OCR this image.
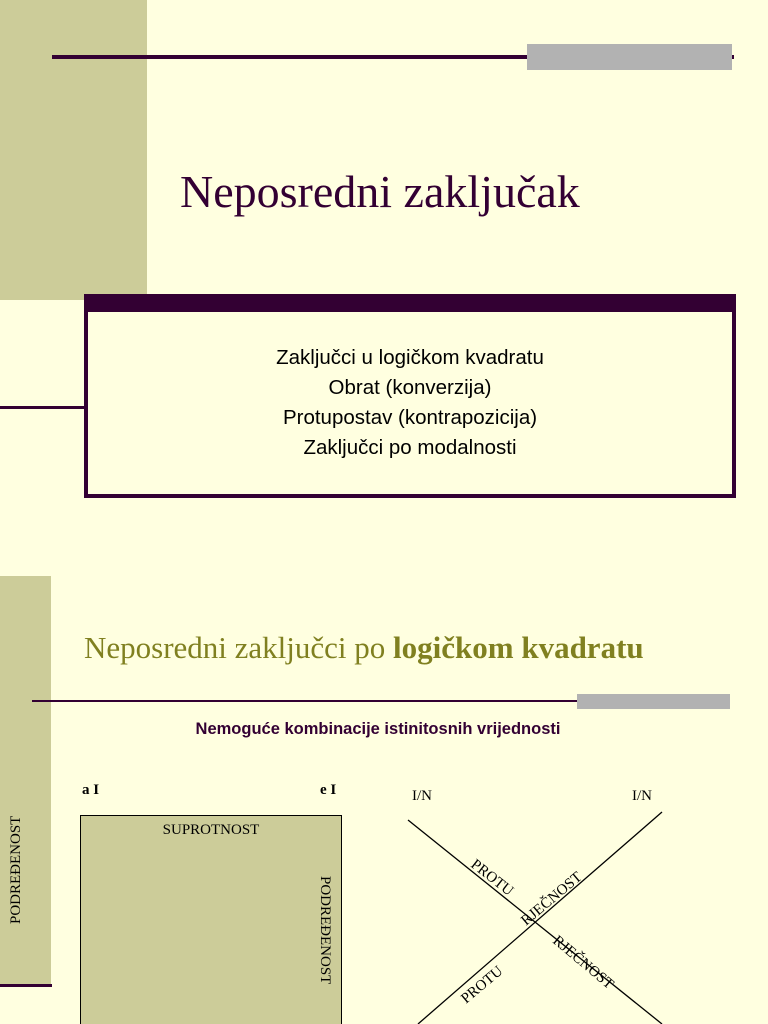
Neposredni zaključak
Zaključci u logičkom kvadratu
Obrat (konverzija)
Protupostav (kontrapozicija)
Zaključci po modalnosti
Neposredni zaključci po logičkom kvadratu
Nemoguće kombinacije istinitosnih vrijednosti
a I	e I
SUPROTNOST
PODREĐENOST
PODREĐENOST
I/N	I/N
PROTU RJEČNOST
PROTU	RJEČNOST
